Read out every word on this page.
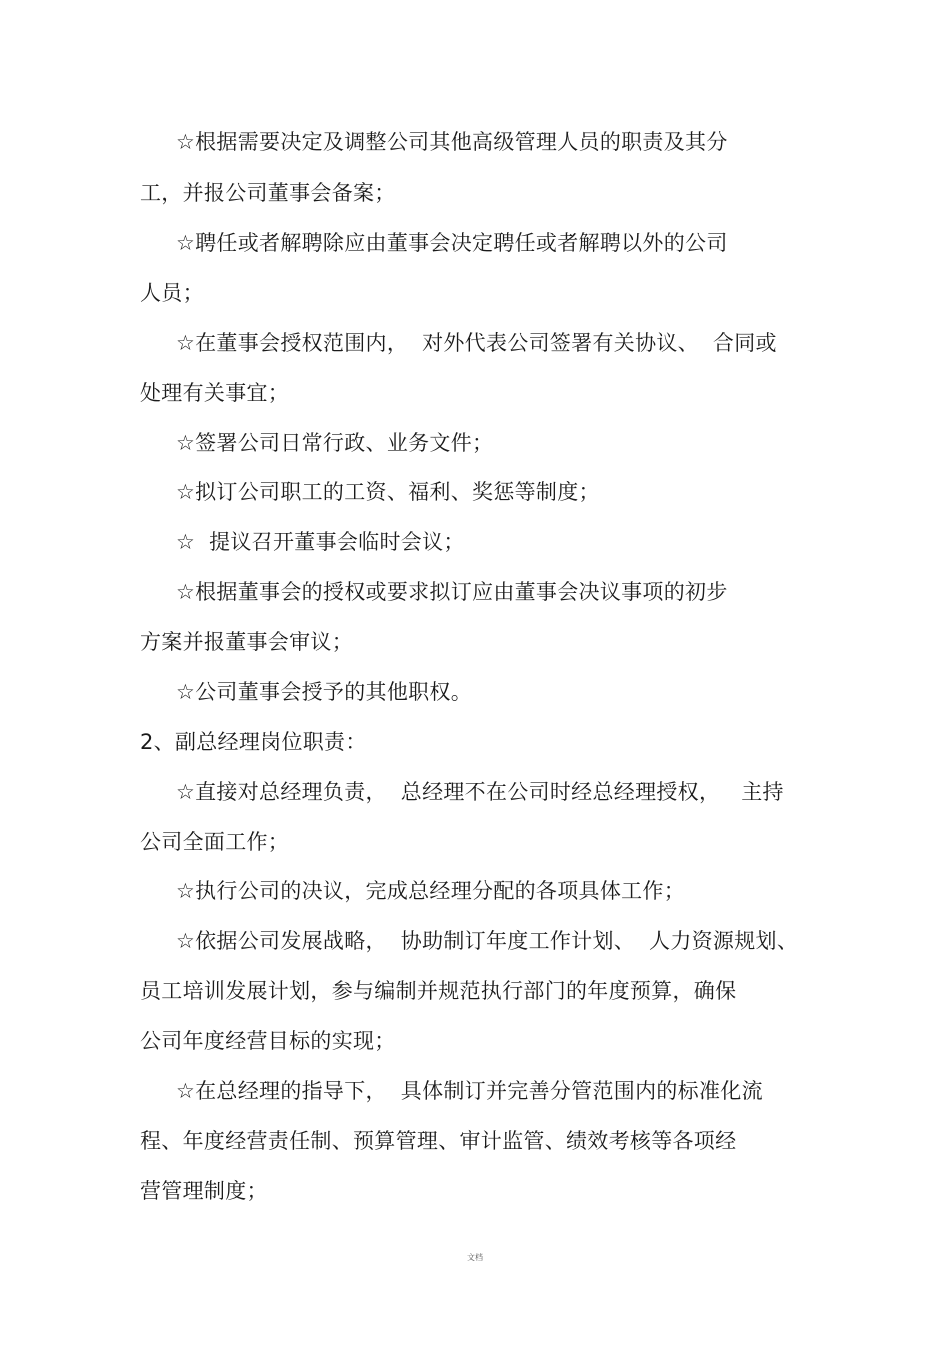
☆根据需要决定及调整公司其他高级管理人员的职责及其分
工，并报公司董事会备案；
☆聘任或者解聘除应由董事会决定聘任或者解聘以外的公司
人员；
☆在董事会授权范围内，  对外代表公司签署有关协议、  合同或
处理有关事宜；
☆签署公司日常行政、业务文件；
☆拟订公司职工的工资、福利、奖惩等制度；
☆  提议召开董事会临时会议；
☆根据董事会的授权或要求拟订应由董事会决议事项的初步
方案并报董事会审议；
☆公司董事会授予的其他职权。
2、副总经理岗位职责：
☆直接对总经理负责，  总经理不在公司时经总经理授权，   主持
公司全面工作；
☆执行公司的决议，完成总经理分配的各项具体工作；
☆依据公司发展战略，  协助制订年度工作计划、  人力资源规划、
员工培训发展计划，参与编制并规范执行部门的年度预算，确保
公司年度经营目标的实现；
☆在总经理的指导下，  具体制订并完善分管范围内的标准化流
程、年度经营责任制、预算管理、审计监管、绩效考核等各项经
营管理制度；
文档
